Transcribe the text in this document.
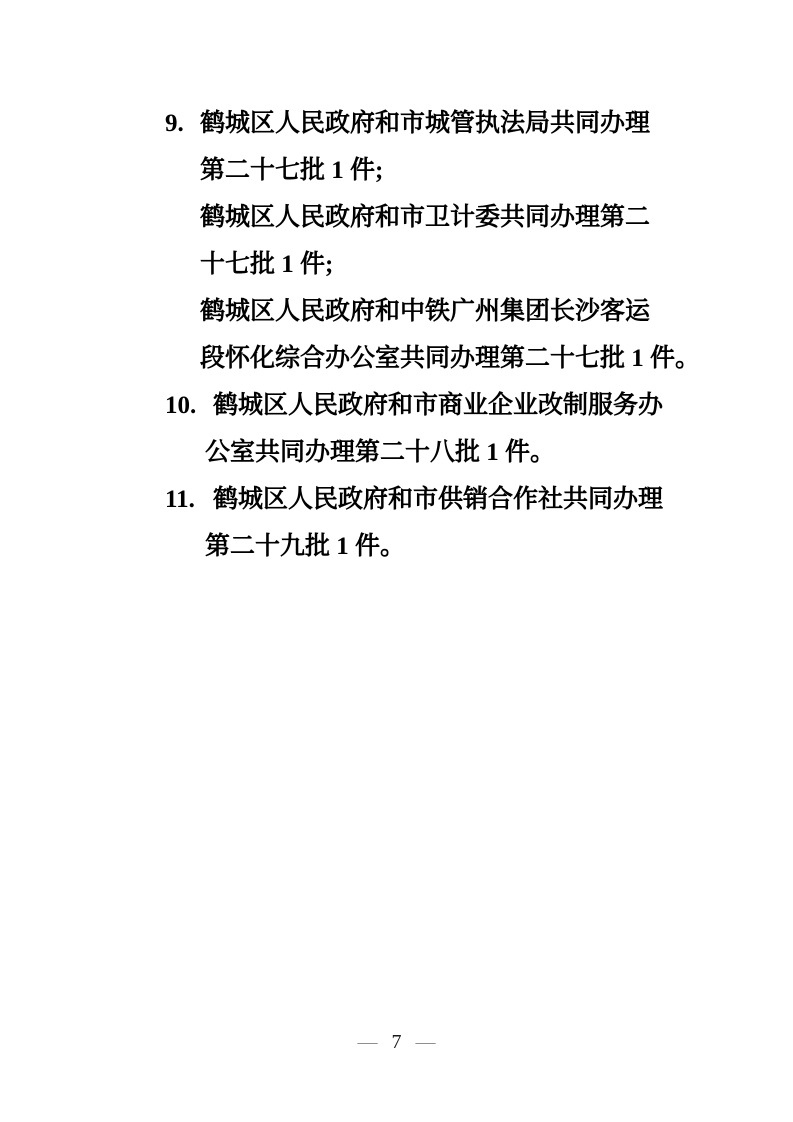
9. 鹤城区人民政府和市城管执法局共同办理

第二十七批 1 件;

鹤城区人民政府和市卫计委共同办理第二

十七批 1 件;

鹤城区人民政府和中铁广州集团长沙客运

段怀化综合办公室共同办理第二十七批 1 件。

10. 鹤城区人民政府和市商业企业改制服务办

公室共同办理第二十八批 1 件。

11. 鹤城区人民政府和市供销合作社共同办理

第二十九批 1 件。

— 7 —
